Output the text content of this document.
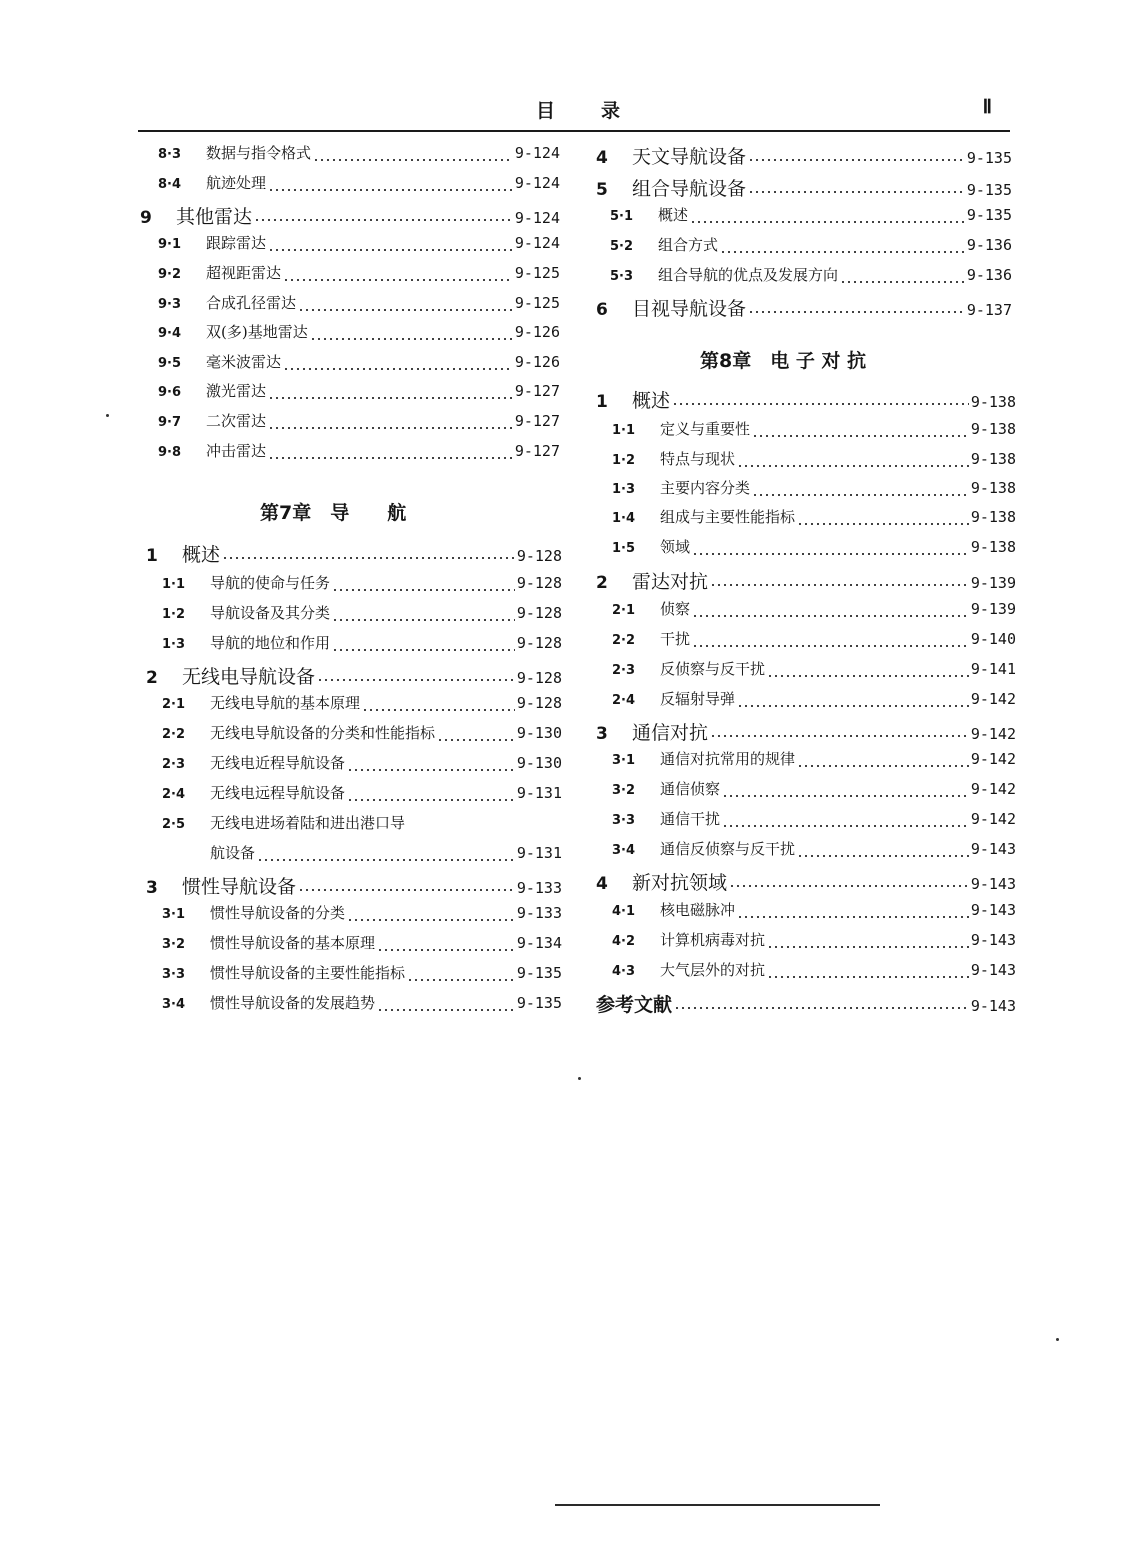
目录	Ⅱ
8·3	数据与指令格式	9-124
8·4	航迹处理	9-124
9	其他雷达	9-124
9·1	跟踪雷达	9-124
9·2	超视距雷达	9-125
9·3	合成孔径雷达	9-125
9·4	双(多)基地雷达	9-126
9·5	毫米波雷达	9-126
9·6	激光雷达	9-127
9·7	二次雷达	9-127
9·8	冲击雷达	9-127
第7章　导　　航
1	概述	9-128
1·1	导航的使命与任务	9-128
1·2	导航设备及其分类	9-128
1·3	导航的地位和作用	9-128
2	无线电导航设备	9-128
2·1	无线电导航的基本原理	9-128
2·2	无线电导航设备的分类和性能指标	9-130
2·3	无线电近程导航设备	9-130
2·4	无线电远程导航设备	9-131
2·5	无线电进场着陆和进出港口导
航设备	9-131
3	惯性导航设备	9-133
3·1	惯性导航设备的分类	9-133
3·2	惯性导航设备的基本原理	9-134
3·3	惯性导航设备的主要性能指标	9-135
3·4	惯性导航设备的发展趋势	9-135
4	天文导航设备	9-135
5	组合导航设备	9-135
5·1	概述	9-135
5·2	组合方式	9-136
5·3	组合导航的优点及发展方向	9-136
6	目视导航设备	9-137
第8章　电 子 对 抗
1	概述	9-138
1·1	定义与重要性	9-138
1·2	特点与现状	9-138
1·3	主要内容分类	9-138
1·4	组成与主要性能指标	9-138
1·5	领域	9-138
2	雷达对抗	9-139
2·1	侦察	9-139
2·2	干扰	9-140
2·3	反侦察与反干扰	9-141
2·4	反辐射导弹	9-142
3	通信对抗	9-142
3·1	通信对抗常用的规律	9-142
3·2	通信侦察	9-142
3·3	通信干扰	9-142
3·4	通信反侦察与反干扰	9-143
4	新对抗领域	9-143
4·1	核电磁脉冲	9-143
4·2	计算机病毒对抗	9-143
4·3	大气层外的对抗	9-143
参考文献	9-143
